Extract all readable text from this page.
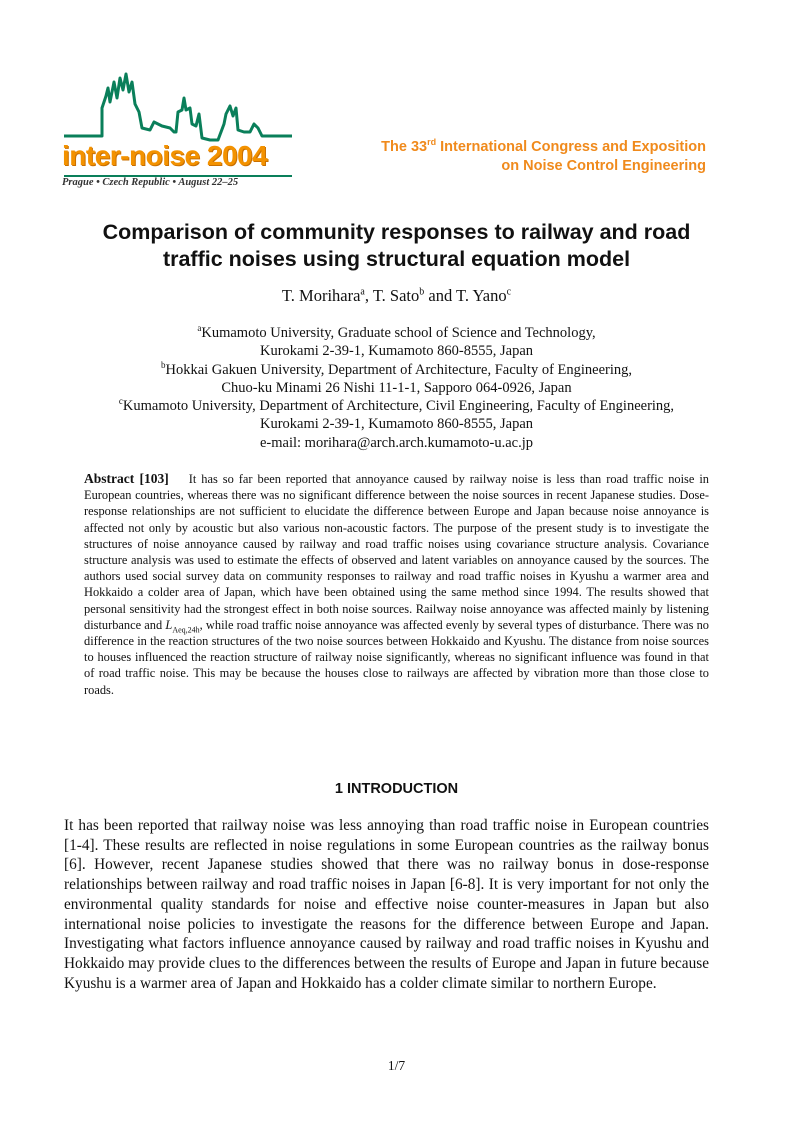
inter-noise 2004
Prague • Czech Republic • August 22–25
The 33rd International Congress and Exposition
on Noise Control Engineering
Comparison of community responses to railway and road
traffic noises using structural equation model
T. Morihara$^a$, T. Sato$^b$ and T. Yano$^c$
$^a$Kumamoto University, Graduate school of Science and Technology,
Kurokami 2-39-1, Kumamoto 860-8555, Japan
$^b$Hokkai Gakuen University, Department of Architecture, Faculty of Engineering,
Chuo-ku Minami 26 Nishi 11-1-1, Sapporo 064-0926, Japan
$^c$Kumamoto University, Department of Architecture, Civil Engineering, Faculty of Engineering,
Kurokami 2-39-1, Kumamoto 860-8555, Japan
e-mail: morihara@arch.arch.kumamoto-u.ac.jp
Abstract [103] It has so far been reported that annoyance caused by railway noise is less than road traffic noise in European countries, whereas there was no significant difference between the noise sources in recent Japanese studies. Dose-response relationships are not sufficient to elucidate the difference between Europe and Japan because noise annoyance is affected not only by acoustic but also various non-acoustic factors. The purpose of the present study is to investigate the structures of noise annoyance caused by railway and road traffic noises using covariance structure analysis. Covariance structure analysis was used to estimate the effects of observed and latent variables on annoyance caused by the sources. The authors used social survey data on community responses to railway and road traffic noises in Kyushu a warmer area and Hokkaido a colder area of Japan, which have been obtained using the same method since 1994. The results showed that personal sensitivity had the strongest effect in both noise sources. Railway noise annoyance was affected mainly by listening disturbance and $L_{Aeq,24h}$, while road traffic noise annoyance was affected evenly by several types of disturbance. There was no difference in the reaction structures of the two noise sources between Hokkaido and Kyushu. The distance from noise sources to houses influenced the reaction structure of railway noise significantly, whereas no significant influence was found in that of road traffic noise. This may be because the houses close to railways are affected by vibration more than those close to roads.
1 INTRODUCTION
It has been reported that railway noise was less annoying than road traffic noise in European countries [1-4]. These results are reflected in noise regulations in some European countries as the railway bonus [6]. However, recent Japanese studies showed that there was no railway bonus in dose-response relationships between railway and road traffic noises in Japan [6-8]. It is very important for not only the environmental quality standards for noise and effective noise counter-measures in Japan but also international noise policies to investigate the reasons for the difference between Europe and Japan. Investigating what factors influence annoyance caused by railway and road traffic noises in Kyushu and Hokkaido may provide clues to the differences between the results of Europe and Japan in future because Kyushu is a warmer area of Japan and Hokkaido has a colder climate similar to northern Europe.
1/7
